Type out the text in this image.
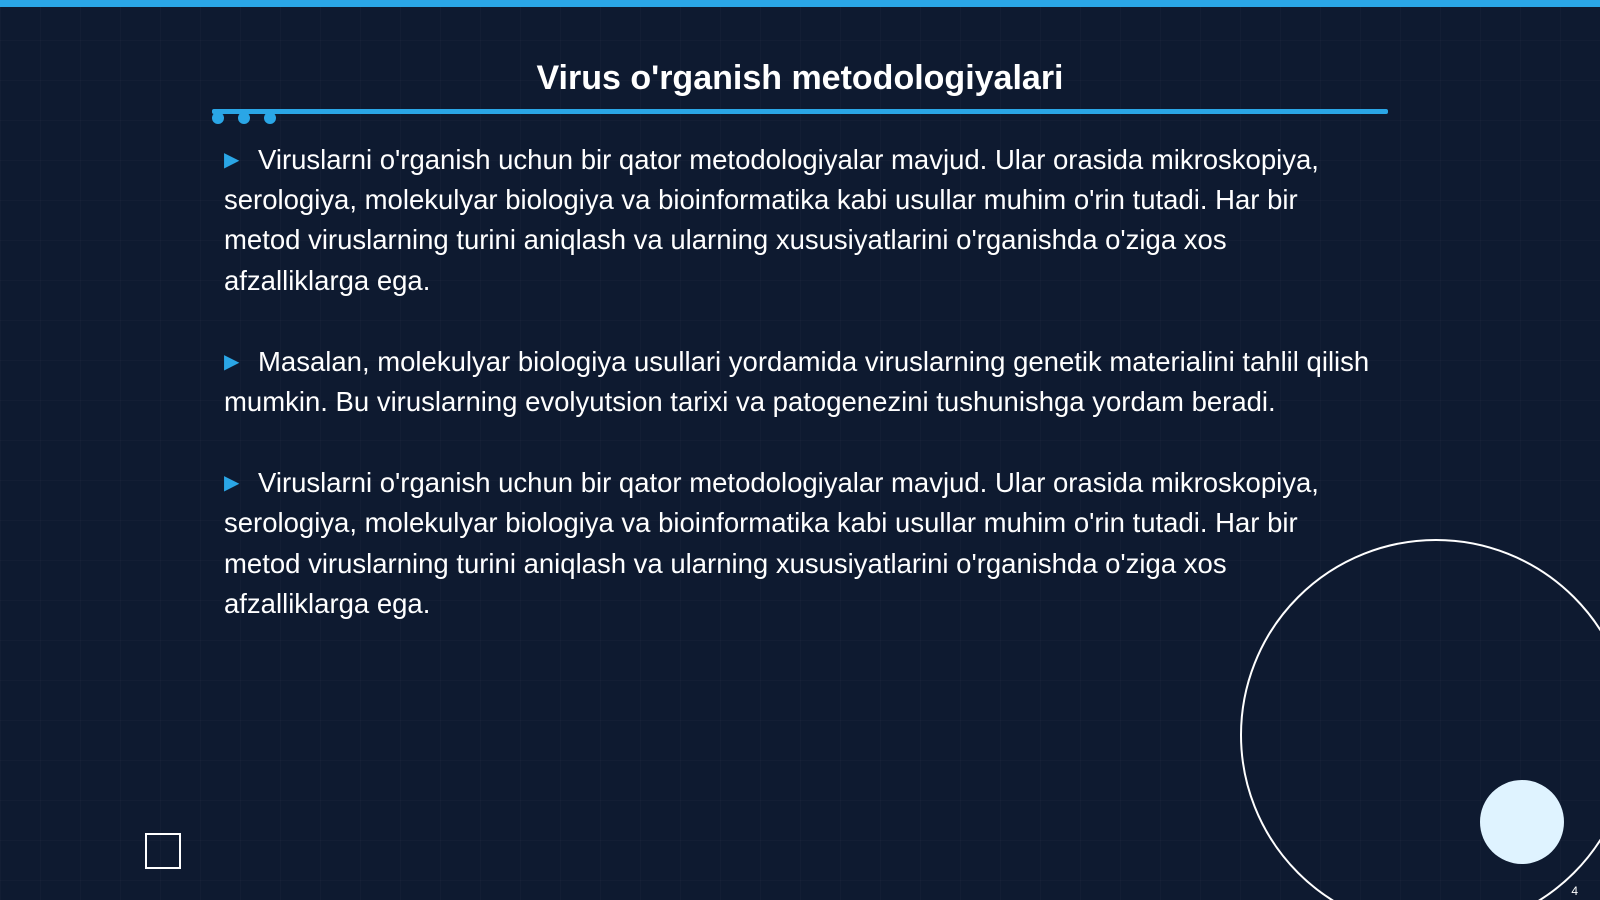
Virus o'rganish metodologiyalari

▶ Viruslarni o'rganish uchun bir qator metodologiyalar mavjud. Ular orasida mikroskopiya, serologiya, molekulyar biologiya va bioinformatika kabi usullar muhim o'rin tutadi. Har bir metod viruslarning turini aniqlash va ularning xususiyatlarini o'rganishda o'ziga xos afzalliklarga ega.

▶ Masalan, molekulyar biologiya usullari yordamida viruslarning genetik materialini tahlil qilish mumkin. Bu viruslarning evolyutsion tarixi va patogenezini tushunishga yordam beradi.

▶ Viruslarni o'rganish uchun bir qator metodologiyalar mavjud. Ular orasida mikroskopiya, serologiya, molekulyar biologiya va bioinformatika kabi usullar muhim o'rin tutadi. Har bir metod viruslarning turini aniqlash va ularning xususiyatlarini o'rganishda o'ziga xos afzalliklarga ega.

4
